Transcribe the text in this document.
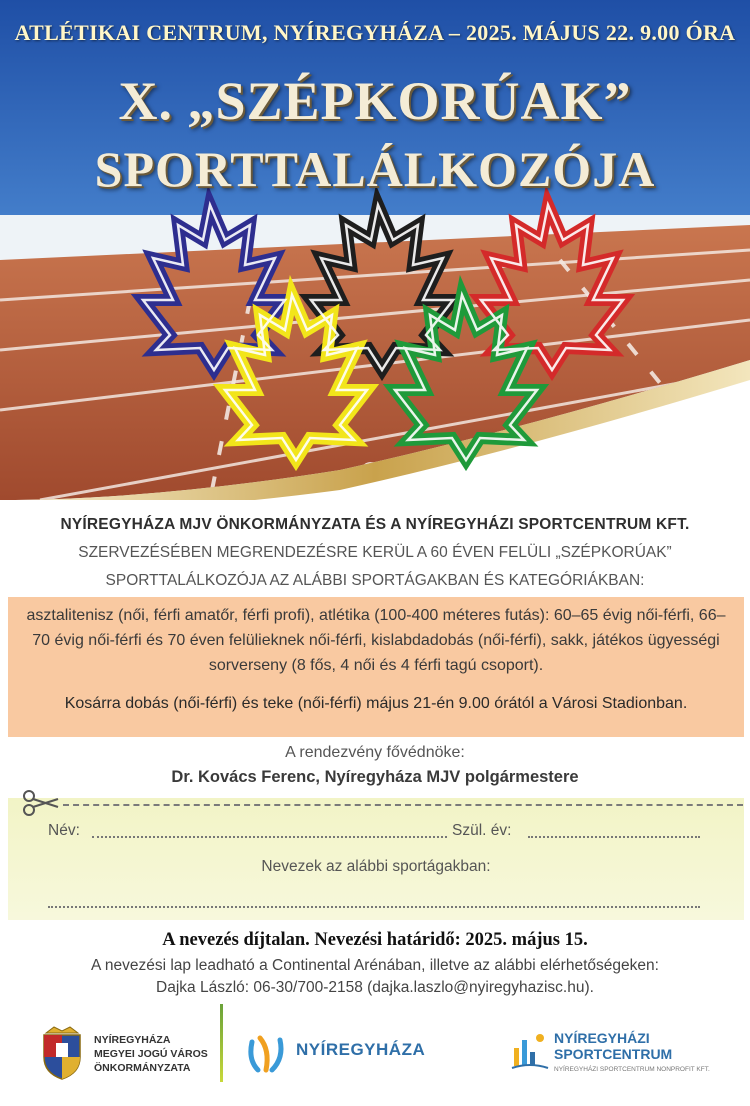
ATLÉTIKAI CENTRUM, NYÍREGYHÁZA – 2025. MÁJUS 22. 9.00 ÓRA
X. „SZÉPKORÚAK”
SPORTTALÁLKOZÓJA
NYÍREGYHÁZA MJV ÖNKORMÁNYZATA ÉS A NYÍREGYHÁZI SPORTCENTRUM KFT.
SZERVEZÉSÉBEN MEGRENDEZÉSRE KERÜL A 60 ÉVEN FELÜLI „SZÉPKORÚAK”
SPORTTALÁLKOZÓJA AZ ALÁBBI SPORTÁGAKBAN ÉS KATEGÓRIÁKBAN:
asztalitenisz (női, férfi amatőr, férfi profi), atlétika (100-400 méteres futás): 60–65 évig női-férfi, 66–70 évig női-férfi és 70 éven felülieknek női-férfi, kislabdadobás (női-férfi), sakk, játékos ügyességi sorverseny (8 fős, 4 női és 4 férfi tagú csoport).
Kosárra dobás (női-férfi) és teke (női-férfi) május 21-én 9.00 órától a Városi Stadionban.
A rendezvény fővédnöke:
Dr. Kovács Ferenc, Nyíregyháza MJV polgármestere
Név:	Szül. év:
Nevezek az alábbi sportágakban:
A nevezés díjtalan. Nevezési határidő: 2025. május 15.
A nevezési lap leadható a Continental Arénában, illetve az alábbi elérhetőségeken:
Dajka László: 06-30/700-2158 (dajka.laszlo@nyiregyhazisc.hu).
NYÍREGYHÁZA
MEGYEI JOGÚ VÁROS
ÖNKORMÁNYZATA
NYÍREGYHÁZA
NYÍREGYHÁZI
SPORTCENTRUM
NYÍREGYHÁZI SPORTCENTRUM NONPROFIT KFT.
